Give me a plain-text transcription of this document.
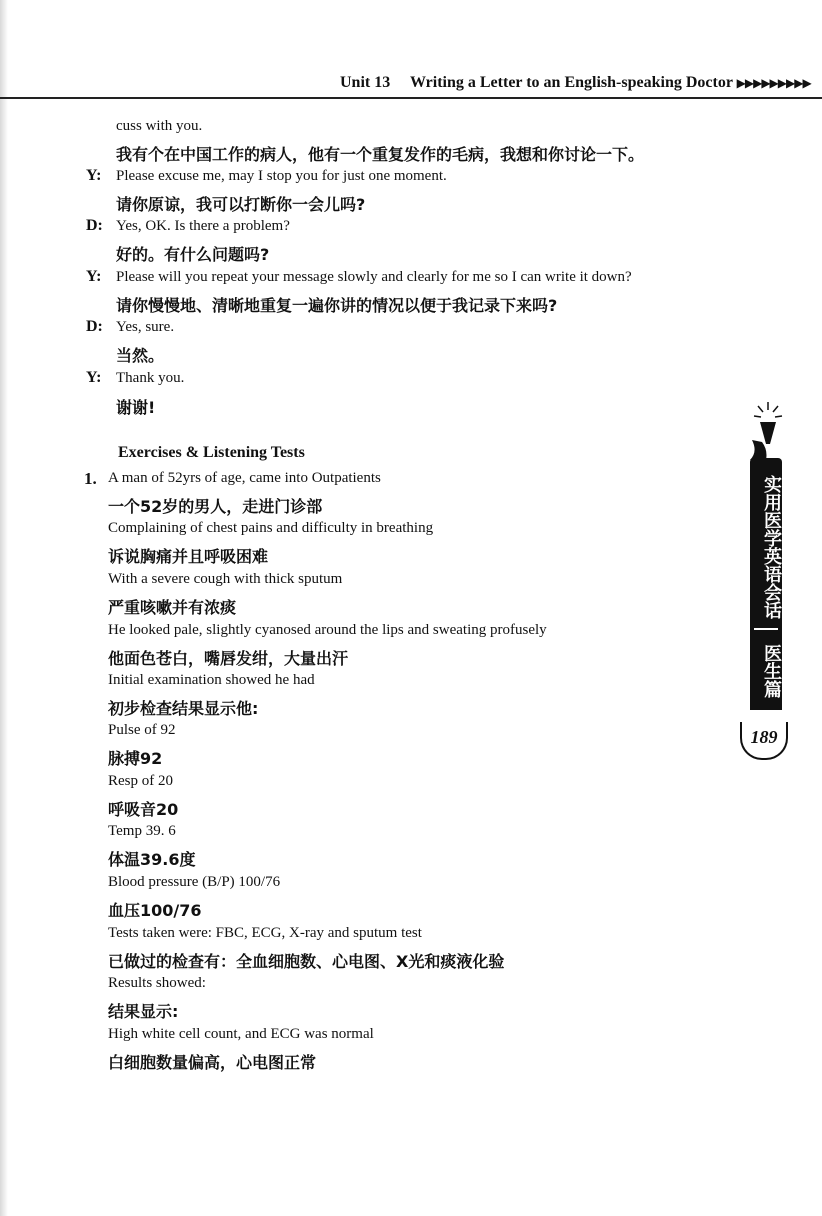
Unit 13 Writing a Letter to an English-speaking Doctor ▶▶▶▶▶▶▶▶▶
cuss with you.
我有个在中国工作的病人，他有一个重复发作的毛病，我想和你讨论一下。
Y: Please excuse me, may I stop you for just one moment.
请你原谅，我可以打断你一会儿吗?
D: Yes, OK. Is there a problem?
好的。有什么问题吗?
Y: Please will you repeat your message slowly and clearly for me so I can write it down?
请你慢慢地、清晰地重复一遍你讲的情况以便于我记录下来吗?
D: Yes, sure.
当然。
Y: Thank you.
谢谢!
Exercises & Listening Tests
1. A man of 52yrs of age, came into Outpatients
一个52岁的男人，走进门诊部
Complaining of chest pains and difficulty in breathing
诉说胸痛并且呼吸困难
With a severe cough with thick sputum
严重咳嗽并有浓痰
He looked pale, slightly cyanosed around the lips and sweating profusely
他面色苍白，嘴唇发绀，大量出汗
Initial examination showed he had
初步检查结果显示他:
Pulse of 92
脉搏92
Resp of 20
呼吸音20
Temp 39. 6
体温39.6度
Blood pressure (B/P) 100/76
血压100/76
Tests taken were: FBC, ECG, X-ray and sputum test
已做过的检查有：全血细胞数、心电图、X光和痰液化验
Results showed:
结果显示:
High white cell count, and ECG was normal
白细胞数量偏高，心电图正常
实用医学英语会话
医生篇
189
